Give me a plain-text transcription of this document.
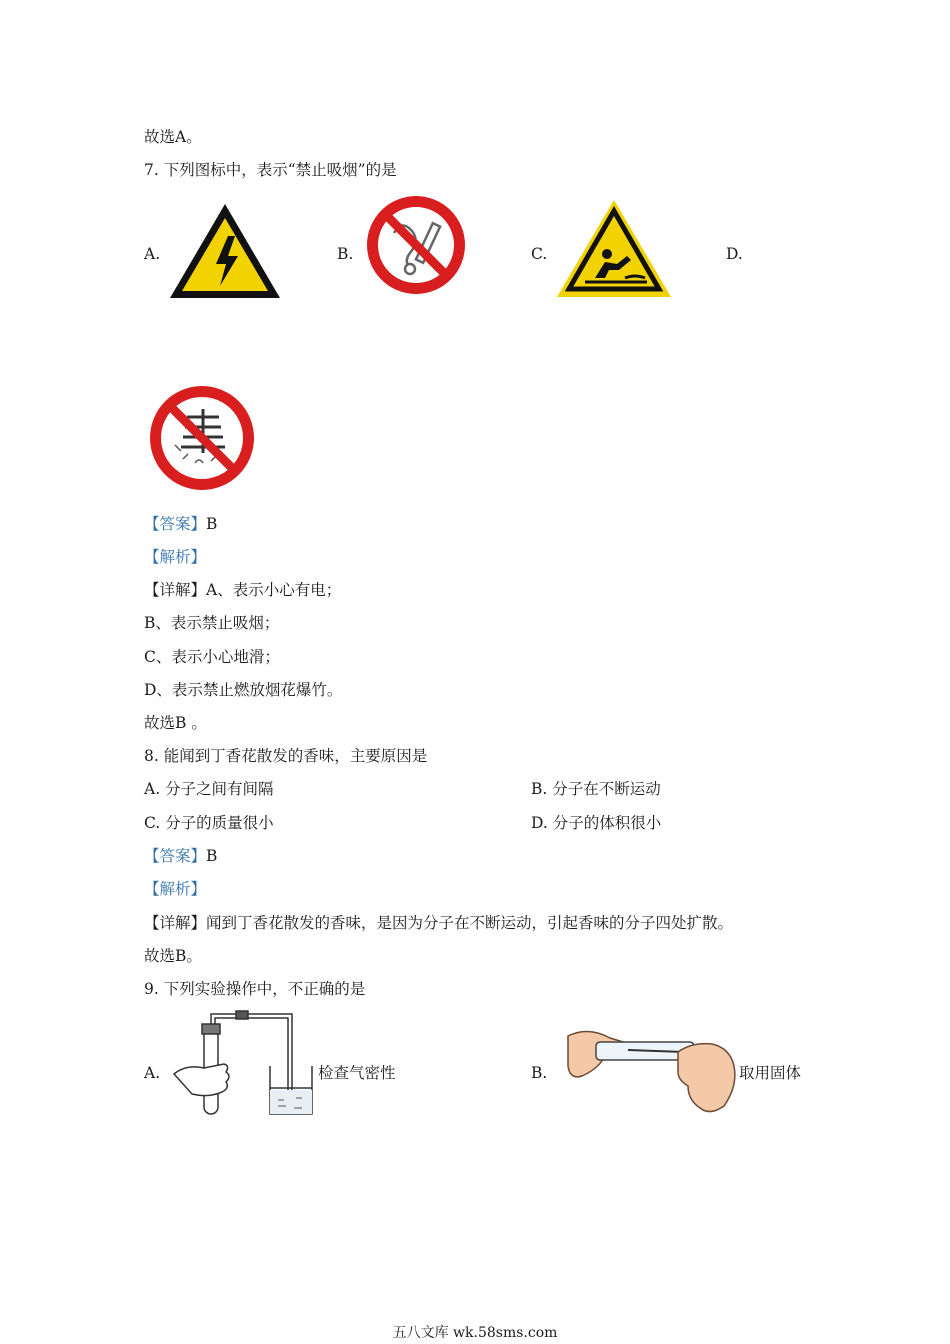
故选A。
7. 下列图标中，表示“禁止吸烟”的是
A.	B.	C.	D.
【答案】B
【解析】
【详解】A、表示小心有电；
B、表示禁止吸烟；
C、表示小心地滑；
D、表示禁止燃放烟花爆竹。
故选B 。
8. 能闻到丁香花散发的香味，主要原因是
A. 分子之间有间隔	B. 分子在不断运动
C. 分子的质量很小	D. 分子的体积很小
【答案】B
【解析】
【详解】闻到丁香花散发的香味，是因为分子在不断运动，引起香味的分子四处扩散。
故选B。
9. 下列实验操作中，不正确的是
A.	检查气密性	B.	取用固体
五八文库 wk.58sms.com
